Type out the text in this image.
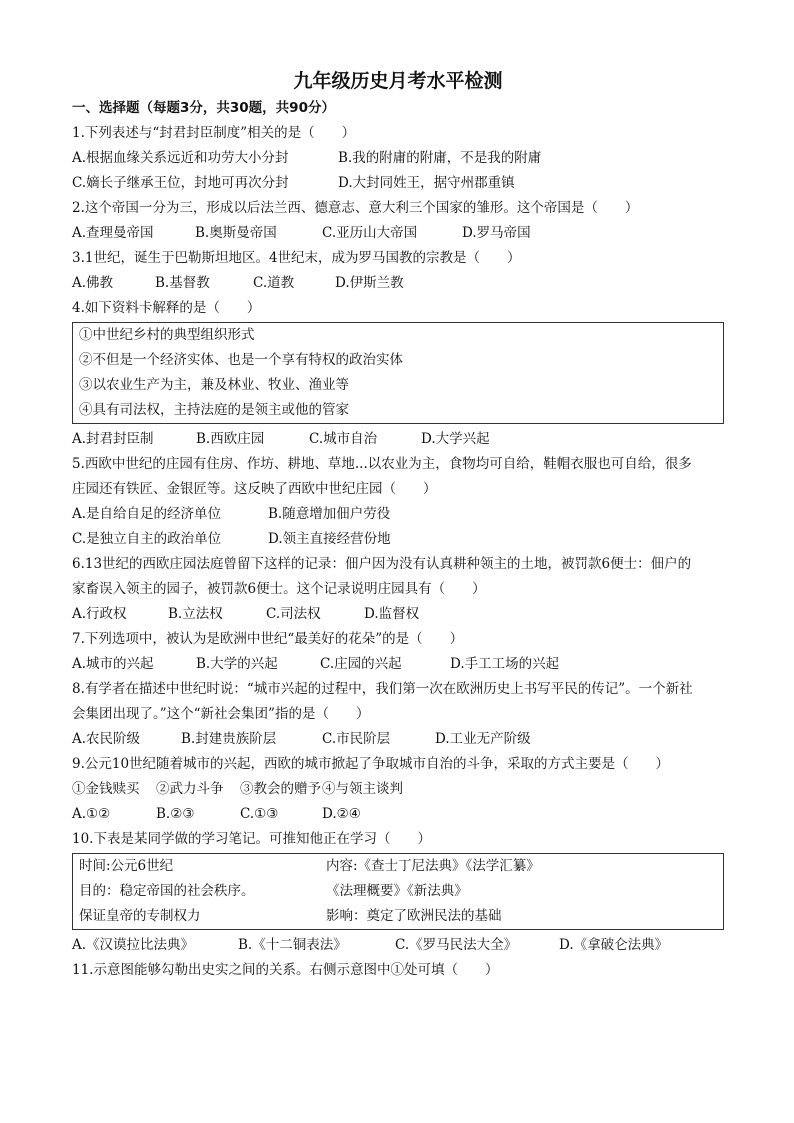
九年级历史月考水平检测
一、选择题（每题3分，共30题，共90分）
1.下列表述与“封君封臣制度”相关的是（　　）
A.根据血缘关系远近和功劳大小分封	B.我的附庸的附庸，不是我的附庸
C.嫡长子继承王位，封地可再次分封	D.大封同姓王，据守州郡重镇
2.这个帝国一分为三，形成以后法兰西、德意志、意大利三个国家的雏形。这个帝国是（　　）
A.查理曼帝国	B.奥斯曼帝国	C.亚历山大帝国	D.罗马帝国
3.1世纪，诞生于巴勒斯坦地区。4世纪末，成为罗马国教的宗教是（　　）
A.佛教	B.基督教	C.道教	D.伊斯兰教
4.如下资料卡解释的是（　　）
①中世纪乡村的典型组织形式
②不但是一个经济实体、也是一个享有特权的政治实体
③以农业生产为主，兼及林业、牧业、渔业等
④具有司法权，主持法庭的是领主或他的管家
A.封君封臣制	B.西欧庄园	C.城市自治	D.大学兴起
5.西欧中世纪的庄园有住房、作坊、耕地、草地...以农业为主，食物均可自给，鞋帽衣服也可自给，很多
庄园还有铁匠、金银匠等。这反映了西欧中世纪庄园（　　）
A.是自给自足的经济单位	B.随意增加佃户劳役
C.是独立自主的政治单位	D.领主直接经营份地
6.13世纪的西欧庄园法庭曾留下这样的记录：佃户因为没有认真耕种领主的土地，被罚款6便士：佃户的
家畜误入领主的园子，被罚款6便士。这个记录说明庄园具有（　　）
A.行政权	B.立法权	C.司法权	D.监督权
7.下列选项中，被认为是欧洲中世纪“最美好的花朵”的是（　　）
A.城市的兴起	B.大学的兴起	C.庄园的兴起	D.手工工场的兴起
8.有学者在描述中世纪时说：“城市兴起的过程中，我们第一次在欧洲历史上书写平民的传记”。一个新社
会集团出现了。”这个“新社会集团”指的是（　　）
A.农民阶级	B.封建贵族阶层	C.市民阶层	D.工业无产阶级
9.公元10世纪随着城市的兴起，西欧的城市掀起了争取城市自治的斗争，采取的方式主要是（　　）
①金钱赎买	②武力斗争	③教会的赠予 ④与领主谈判
A.①②	B.②③	C.①③	D.②④
10.下表是某同学做的学习笔记。可推知他正在学习（　　）
时间:公元6世纪	内容:《查士丁尼法典》《法学汇纂》
目的：稳定帝国的社会秩序。	《法理概要》《新法典》
保证皇帝的专制权力	影响：奠定了欧洲民法的基础
A.《汉谟拉比法典》	B.《十二铜表法》	C.《罗马民法大全》	D.《拿破仑法典》
11.示意图能够勾勒出史实之间的关系。右侧示意图中①处可填（　　）
